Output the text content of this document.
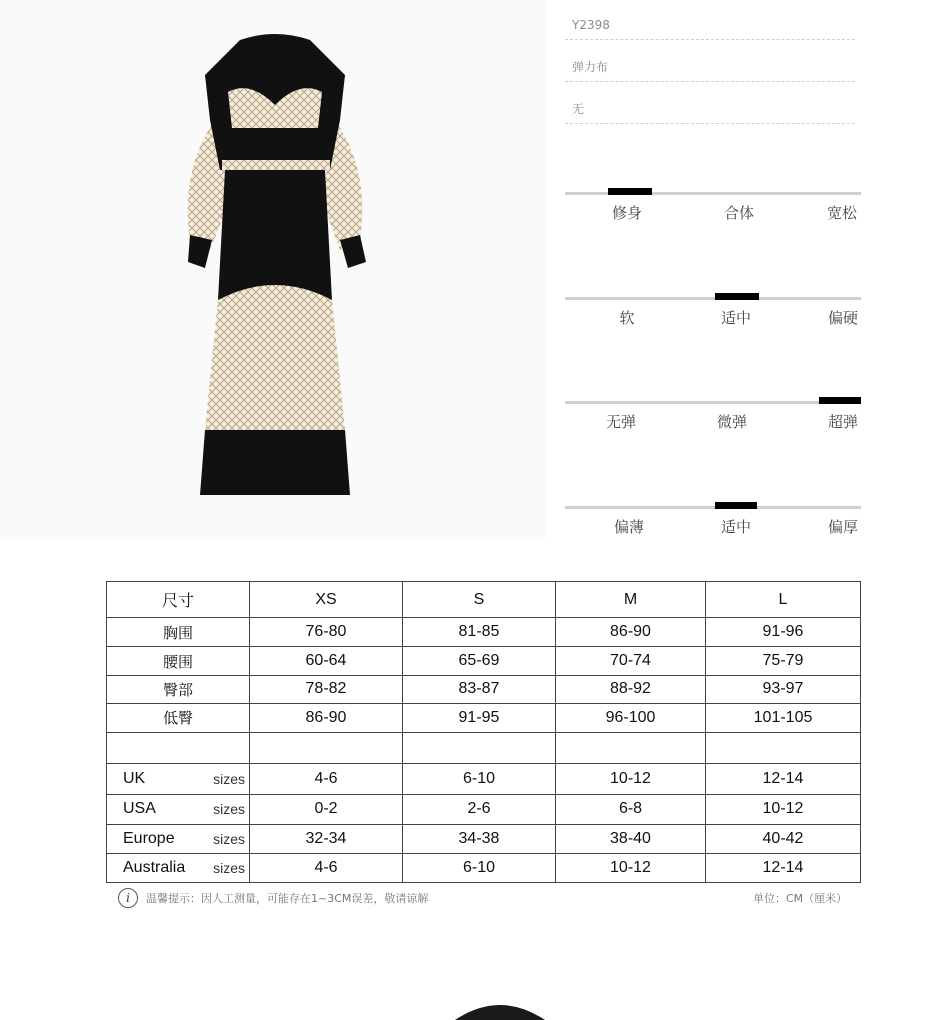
Y2398
弹力布
无
修身	合体	宽松
软	适中	偏硬
无弹	微弹	超弹
偏薄	适中	偏厚
尺寸	XS	S	M	L
胸围	76-80	81-85	86-90	91-96
腰围	60-64	65-69	70-74	75-79
臀部	78-82	83-87	88-92	93-97
低臀	86-90	91-95	96-100	101-105

UK sizes	4-6	6-10	10-12	12-14

USA sizes	0-2	2-6	6-8	10-12

Europe sizes	32-34	34-38	38-40	40-42

Australia sizes	4-6	6-10	10-12	12-14
i	温馨提示：因人工测量，可能存在1~3CM误差，敬请谅解	单位：CM（厘米）
